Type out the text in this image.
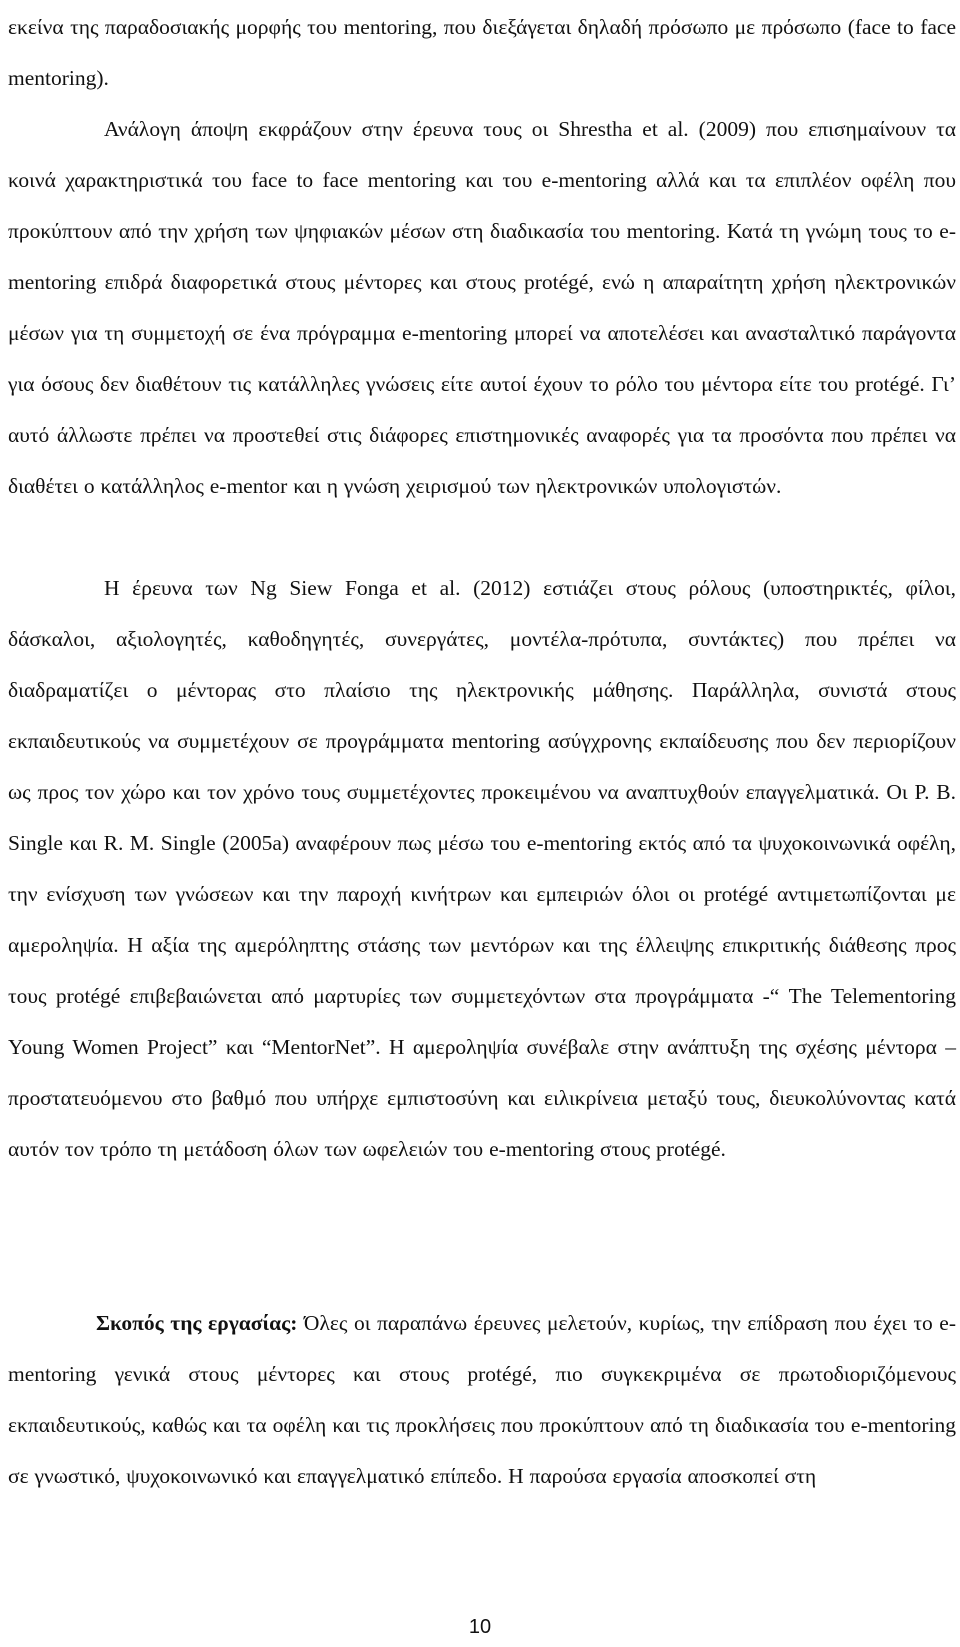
εκείνα της παραδοσιακής μορφής του mentoring, που διεξάγεται δηλαδή πρόσωπο με πρόσωπο (face to face mentoring).

Ανάλογη άποψη εκφράζουν στην έρευνα τους οι Shrestha et al. (2009) που επισημαίνουν τα κοινά χαρακτηριστικά του face to face mentoring και του e-mentoring αλλά και τα επιπλέον οφέλη που προκύπτουν από την χρήση των ψηφιακών μέσων στη διαδικασία του mentoring. Κατά τη γνώμη τους το e-mentoring επιδρά διαφορετικά στους μέντορες και στους protégé, ενώ η απαραίτητη χρήση ηλεκτρονικών μέσων για τη συμμετοχή σε ένα πρόγραμμα e-mentoring μπορεί να αποτελέσει και ανασταλτικό παράγοντα για όσους δεν διαθέτουν τις κατάλληλες γνώσεις είτε αυτοί έχουν το ρόλο του μέντορα είτε του protégé. Γι’ αυτό άλλωστε πρέπει να προστεθεί στις διάφορες επιστημονικές αναφορές για τα προσόντα που πρέπει να διαθέτει ο κατάλληλος e-mentor και η γνώση χειρισμού των ηλεκτρονικών υπολογιστών.

Η έρευνα των Ng Siew Fonga et al. (2012) εστιάζει στους ρόλους (υποστηρικτές, φίλοι, δάσκαλοι, αξιολογητές, καθοδηγητές, συνεργάτες, μοντέλα-πρότυπα, συντάκτες) που πρέπει να διαδραματίζει ο μέντορας στο πλαίσιο της ηλεκτρονικής μάθησης. Παράλληλα, συνιστά στους εκπαιδευτικούς να συμμετέχουν σε προγράμματα mentoring ασύγχρονης εκπαίδευσης που δεν περιορίζουν ως προς τον χώρο και τον χρόνο τους συμμετέχοντες προκειμένου να αναπτυχθούν επαγγελματικά. Οι P. B. Single και R. M. Single (2005a) αναφέρουν πως μέσω του e-mentoring εκτός από τα ψυχοκοινωνικά οφέλη, την ενίσχυση των γνώσεων και την παροχή κινήτρων και εμπειριών όλοι οι protégé αντιμετωπίζονται με αμεροληψία. Η αξία της αμερόληπτης στάσης των μεντόρων και της έλλειψης επικριτικής διάθεσης προς τους protégé επιβεβαιώνεται από μαρτυρίες των συμμετεχόντων στα προγράμματα -“ The Telementoring Young Women Project” και “MentorNet”. Η αμεροληψία συνέβαλε στην ανάπτυξη της σχέσης μέντορα – προστατευόμενου στο βαθμό που υπήρχε εμπιστοσύνη και ειλικρίνεια μεταξύ τους, διευκολύνοντας κατά αυτόν τον τρόπο τη μετάδοση όλων των ωφελειών του e-mentoring στους protégé.

Σκοπός της εργασίας: Όλες οι παραπάνω έρευνες μελετούν, κυρίως, την επίδραση που έχει το e-mentoring γενικά στους μέντορες και στους protégé, πιο συγκεκριμένα σε πρωτοδιοριζόμενους εκπαιδευτικούς, καθώς και τα οφέλη και τις προκλήσεις που προκύπτουν από τη διαδικασία του e-mentoring σε γνωστικό, ψυχοκοινωνικό και επαγγελματικό επίπεδο. Η παρούσα εργασία αποσκοπεί στη

10
